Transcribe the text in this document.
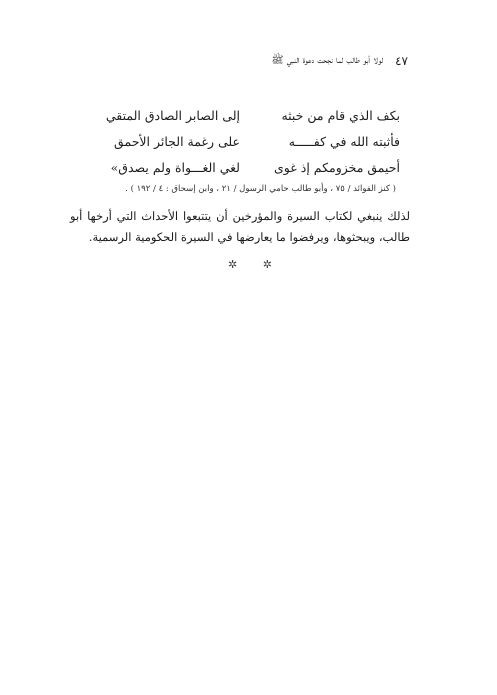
٤٧
لولا أبو طالب لما نجحت دعوة النبي ﷺ
بكف الذي قام من خبثه
إلى الصابر الصادق المتقي
فأثبته الله في كفـــــه
على رغمة الجائر الأحمق
أحيمق مخزومكم إذ غوى
لغي الغـــواة ولم يصدق»
( كنز الفوائد / ٧٥ ، وأبو طالب حامي الرسول / ٢١ ، وابن إسحاق : ٤ / ١٩٢ ) .

لذلك ينبغي لكتاب السيرة والمؤرخين أن يتتبعوا الأحداث التي أرخها أبو طالب، ويبحثوها، ويرفضوا ما يعارضها في السيرة الحكومية الرسمية.

✲ ✲
